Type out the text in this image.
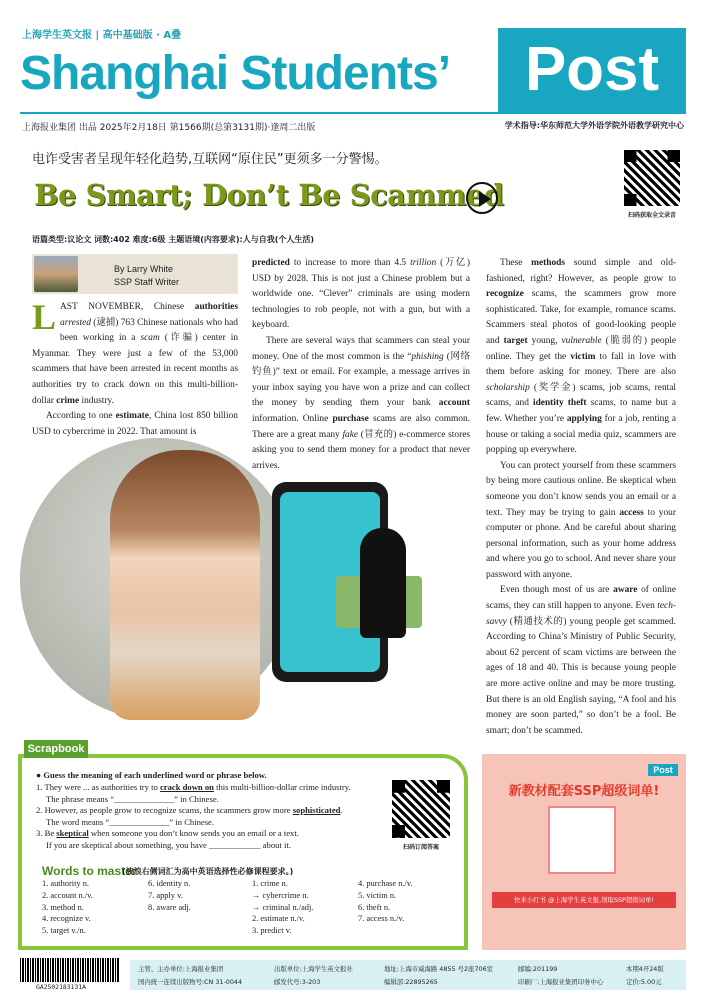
上海学生英文报 | 高中基础版 · A叠
Shanghai Students’	Post
上海报业集团 出品 2025年2月18日 第1566期(总第3131期)·逢周二出版	学术指导:华东师范大学外语学院外语教学研究中心
电诈受害者呈现年轻化趋势,互联网“原住民”更须多一分警惕。
扫码获取全文录音
Be Smart; Don’t Be Scammed
语篇类型:议论文 词数:402 难度:6级 主题语境(内容要求):人与自我(个人生活)
By Larry White
SSP Staff Writer

LAST NOVEMBER, Chinese authorities arrested (逮捕) 763 Chinese nationals who had been working in a scam (诈骗) center in Myanmar. They were just a few of the 53,000 scammers that have been arrested in recent months as authorities try to crack down on this multi-billion-dollar crime industry.

According to one estimate, China lost 850 billion USD to cybercrime in 2022. That amount is

predicted to increase to more than 4.5 trillion (万亿) USD by 2028. This is not just a Chinese problem but a worldwide one. “Clever” criminals are using modern technologies to rob people, not with a gun, but with a keyboard.

There are several ways that scammers can steal your money. One of the most common is the “phishing (网络钓鱼)” text or email. For example, a message arrives in your inbox saying you have won a prize and can collect the money by sending them your bank account information. Online purchase scams are also common. There are a great many fake (冒充的) e-commerce stores asking you to send them money for a product that never arrives.

These methods sound simple and old-fashioned, right? However, as people grow to recognize scams, the scammers grow more sophisticated. Take, for example, romance scams. Scammers steal photos of good-looking people and target young, vulnerable (脆弱的) people online. They get the victim to fall in love with them before asking for money. There are also scholarship (奖学金) scams, job scams, rental scams, and identity theft scams, to name but a few. Whether you’re applying for a job, renting a house or taking a social media quiz, scammers are popping up everywhere.

You can protect yourself from these scammers by being more cautious online. Be skeptical when someone you don’t know sends you an email or a text. They may be trying to gain access to your computer or phone. And be careful about sharing personal information, such as your home address and where you go to school. And never share your password with anyone.

Even though most of us are aware of online scams, they can still happen to anyone. Even tech-savvy (精通技术的) young people get scammed. According to China’s Ministry of Public Security, about 62 percent of scam victims are between the ages of 18 and 40. This is because young people are more active online and may be more trusting. But there is an old English saying, “A fool and his money are soon parted,” so don’t be a fool. Be smart; don’t be scammed.

Scrapbook
● Guess the meaning of each underlined word or phrase below.
1. They were ... as authorities try to crack down on this multi-billion-dollar crime industry.
The phrase means “______________” in Chinese.
2. However, as people grow to recognize scams, the scammers grow more sophisticated.
The word means “______________” in Chinese.
3. Be skeptical when someone you don’t know sends you an email or a text.
If you are skeptical about something, you have ____________ about it.	扫码订阅答案
Words to master
(波浪右侧词汇为高中英语选择性必修课程要求。)
1. authority n.
2. account n./v.
3. method n.
4. recognize v.
5. target v./n.
6. identity n.
7. apply v.
8. aware adj.
1. crime n.
→ cybercrime n.
→ criminal n./adj.
2. estimate n./v.
3. predict v.
4. purchase n./v.
5. victim n.
6. theft n.
7. access n./v.
Post
新教材配套SSP超级词单!
快来小红书 @上海学生英文报,领取SSP超级词单!
GA2502183131A
主管、主办单位:上海报业集团
国内统一连续出版物号:CN 31-0044
出版单位:上海学生英文报社
邮发代号:3-203
地址:上海市威海路 4855 号2座706室
编辑部:22895265
邮编:201199
印刷厂:上海报业集团印务中心
本期4开24版
定价:5.00元
